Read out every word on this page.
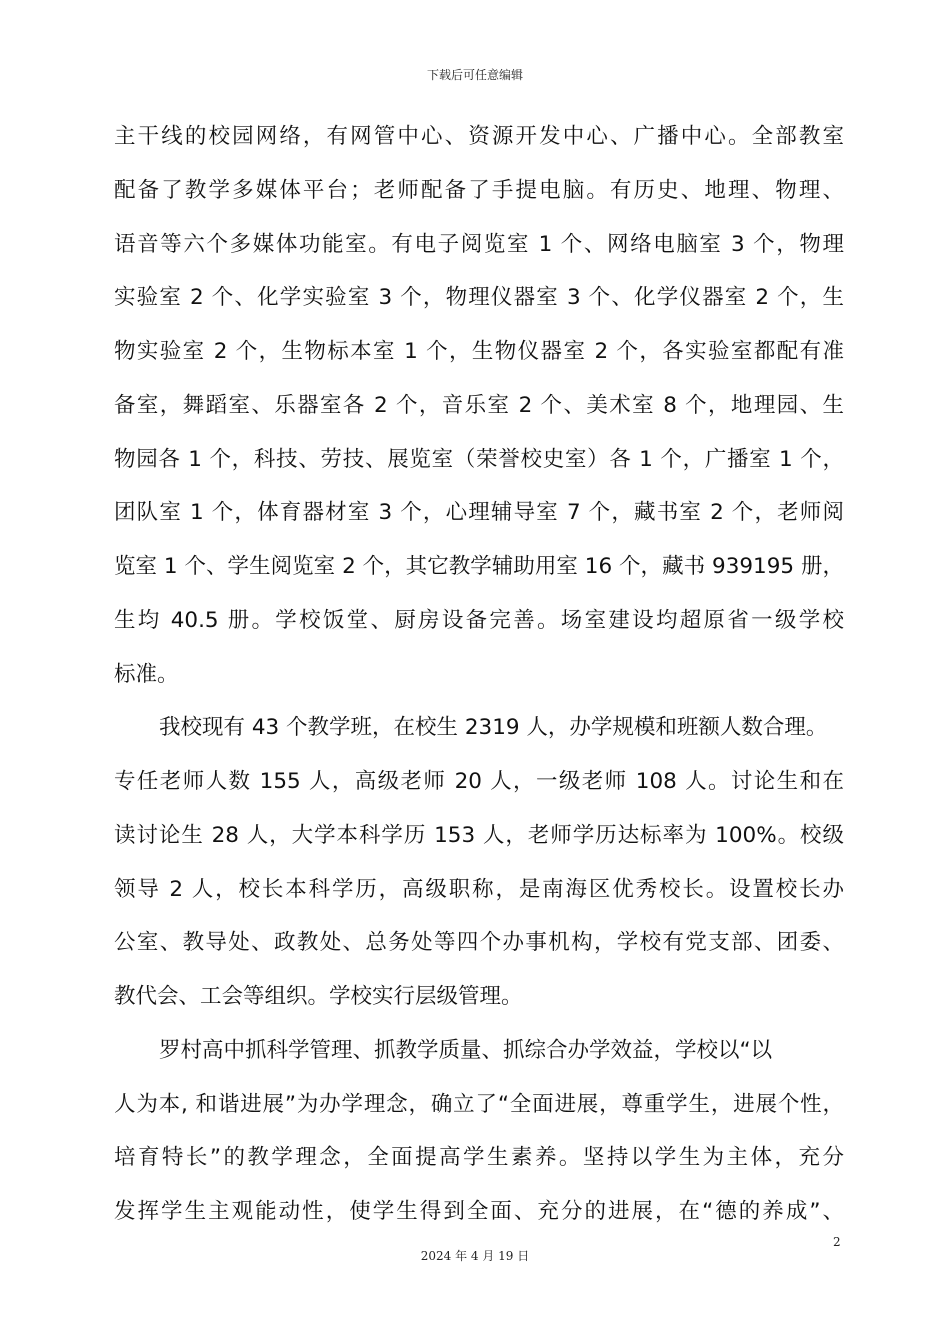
下载后可任意编辑
主干线的校园网络，有网管中心、资源开发中心、广播中心。全部教室
配备了教学多媒体平台；老师配备了手提电脑。有历史、地理、物理、
语音等六个多媒体功能室。有电子阅览室 1 个、网络电脑室 3 个，物理
实验室 2 个、化学实验室 3 个，物理仪器室 3 个、化学仪器室 2 个，生
物实验室 2 个，生物标本室 1 个，生物仪器室 2 个，各实验室都配有准
备室，舞蹈室、乐器室各 2 个，音乐室 2 个、美术室 8 个，地理园、生
物园各 1 个，科技、劳技、展览室（荣誉校史室）各 1 个，广播室 1 个，
团队室 1 个，体育器材室 3 个，心理辅导室 7 个，藏书室 2 个，老师阅
览室 1 个、学生阅览室 2 个，其它教学辅助用室 16 个，藏书 939195 册，
生均 40.5 册。学校饭堂、厨房设备完善。场室建设均超原省一级学校
标准。
我校现有 43 个教学班，在校生 2319 人，办学规模和班额人数合理。
专任老师人数 155 人，高级老师 20 人，一级老师 108 人。讨论生和在
读讨论生 28 人，大学本科学历 153 人，老师学历达标率为 100%。校级
领导 2 人，校长本科学历，高级职称，是南海区优秀校长。设置校长办
公室、教导处、政教处、总务处等四个办事机构，学校有党支部、团委、
教代会、工会等组织。学校实行层级管理。
罗村高中抓科学管理、抓教学质量、抓综合办学效益，学校以“以
人为本, 和谐进展”为办学理念，确立了“全面进展，尊重学生，进展个性，
培育特长”的教学理念，全面提高学生素养。坚持以学生为主体，充分
发挥学生主观能动性，使学生得到全面、充分的进展，在“德的养成”、
2
2024 年 4 月 19 日
